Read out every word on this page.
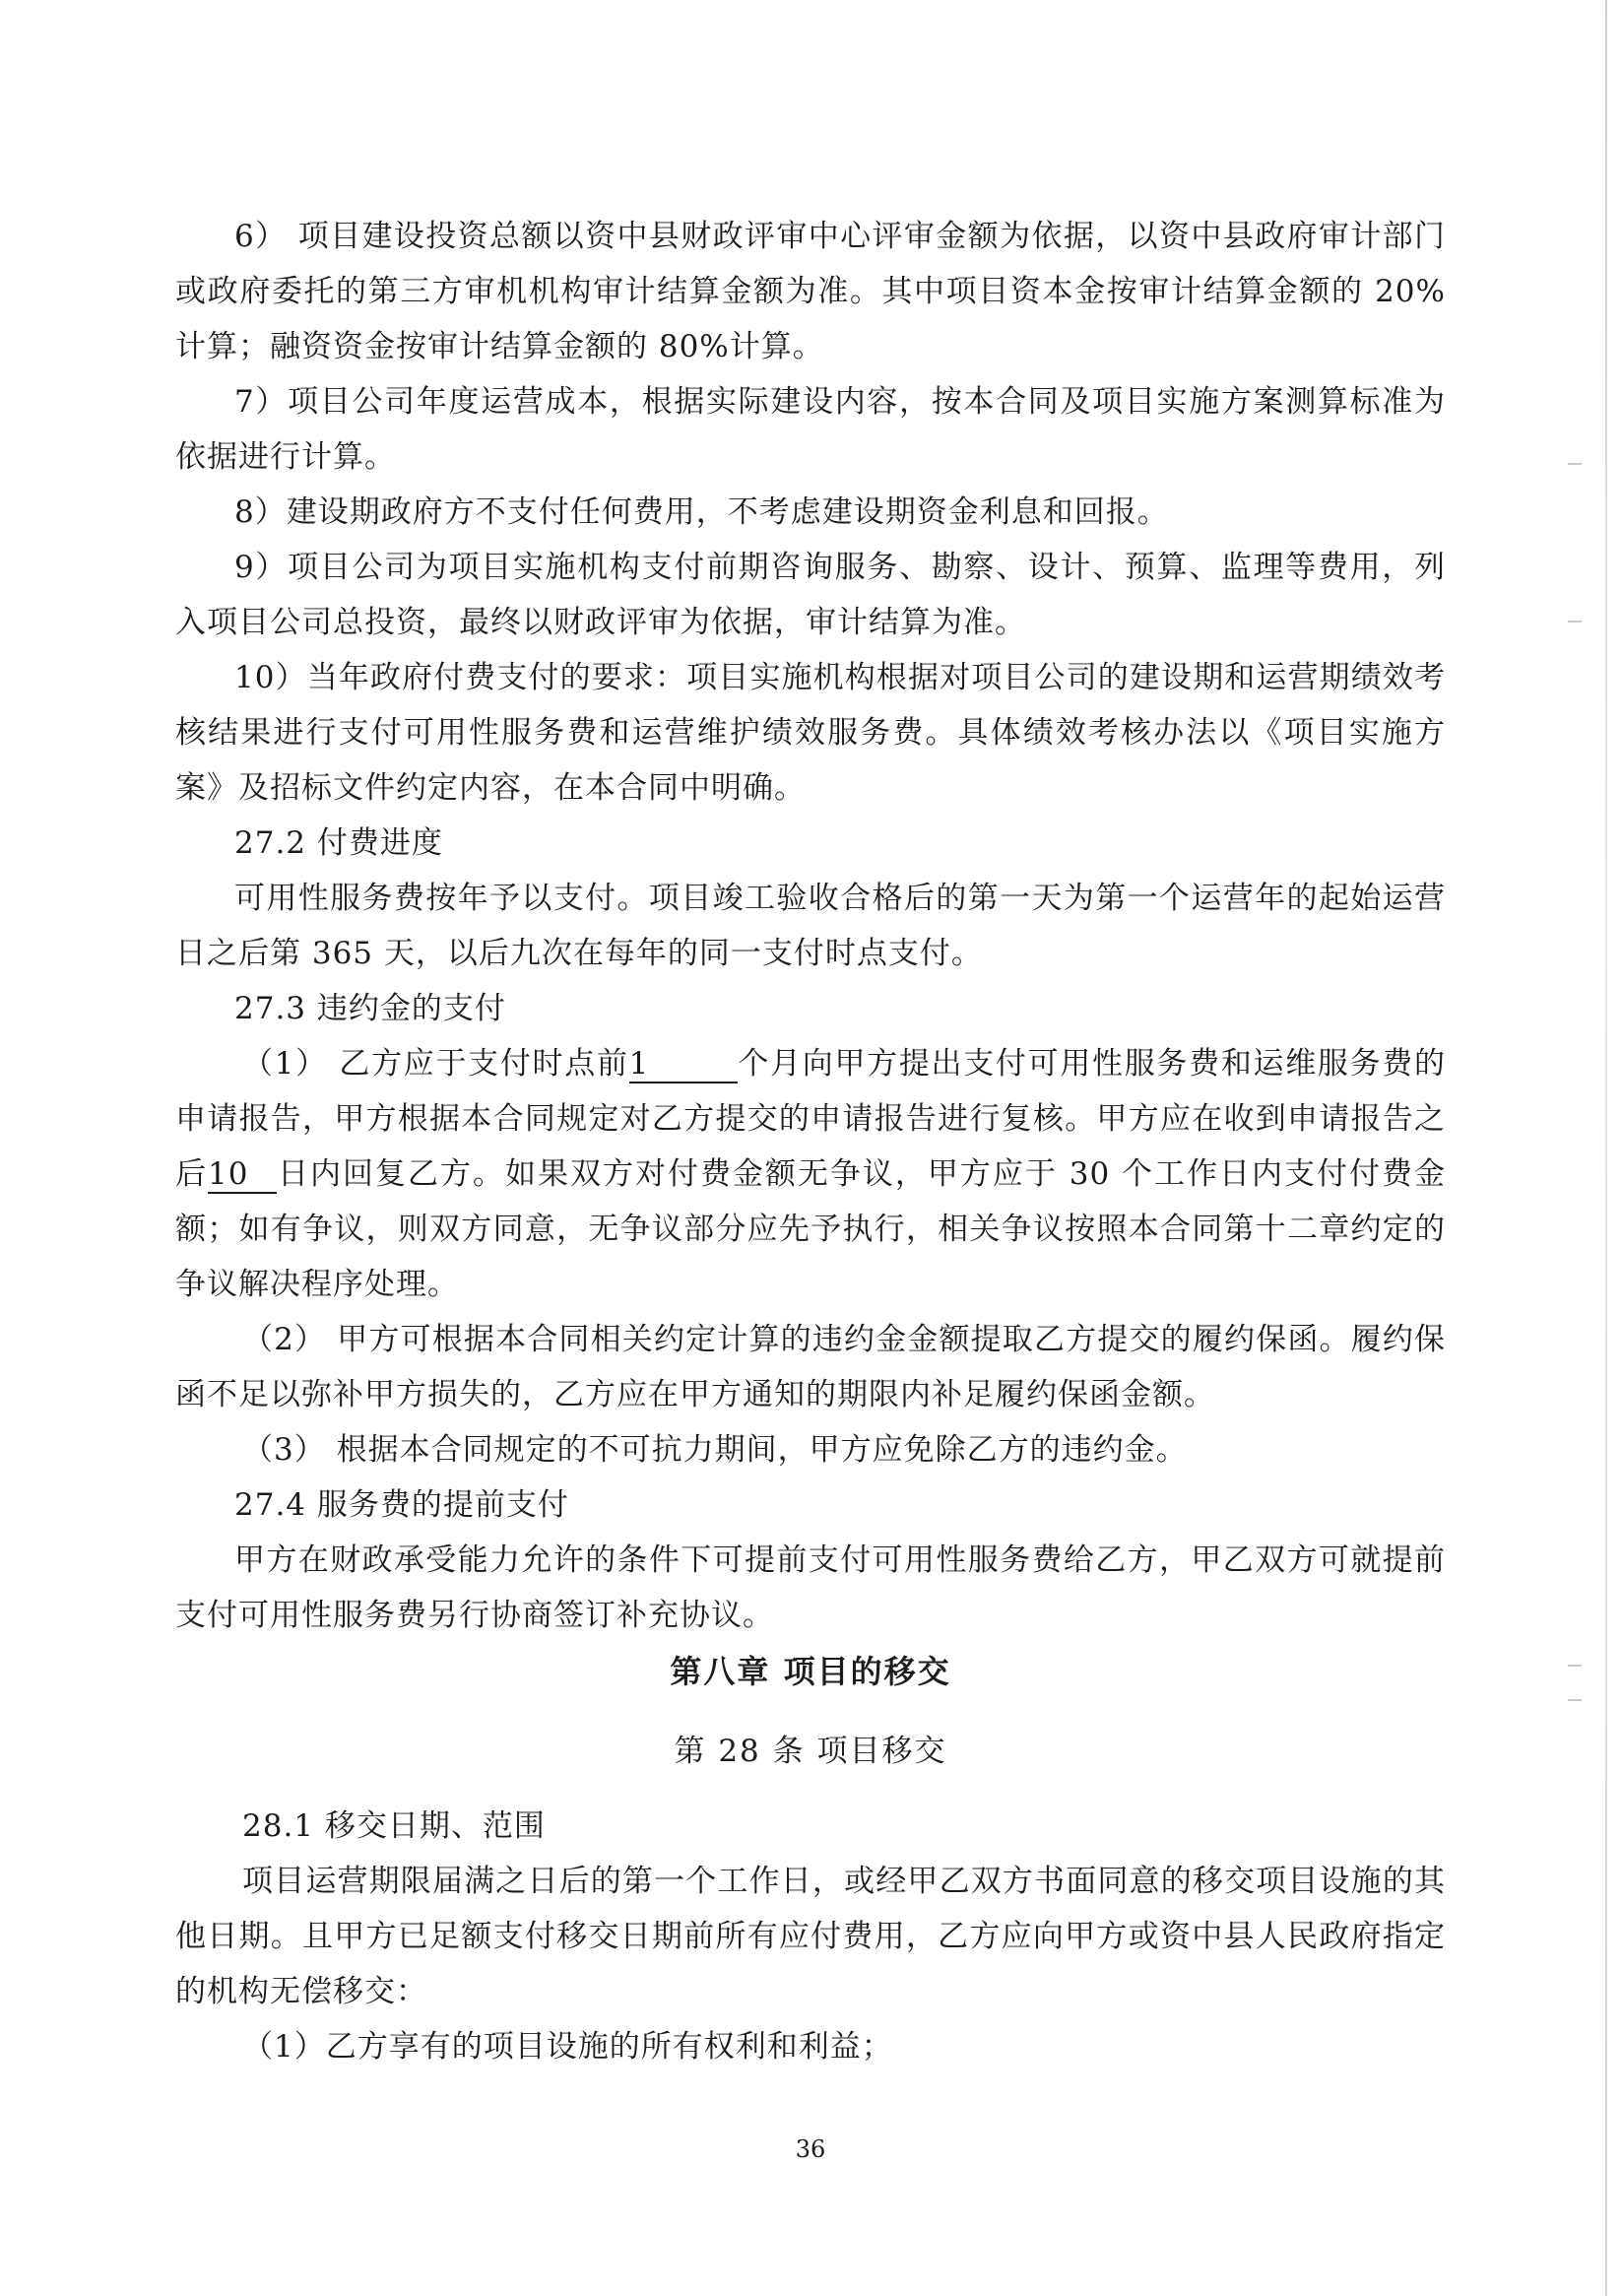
6） 项目建设投资总额以资中县财政评审中心评审金额为依据，以资中县政府审计部门或政府委托的第三方审机机构审计结算金额为准。其中项目资本金按审计结算金额的 20%计算；融资资金按审计结算金额的 80%计算。

7）项目公司年度运营成本，根据实际建设内容，按本合同及项目实施方案测算标准为依据进行计算。

8）建设期政府方不支付任何费用，不考虑建设期资金利息和回报。

9）项目公司为项目实施机构支付前期咨询服务、勘察、设计、预算、监理等费用，列入项目公司总投资，最终以财政评审为依据，审计结算为准。

10）当年政府付费支付的要求：项目实施机构根据对项目公司的建设期和运营期绩效考核结果进行支付可用性服务费和运营维护绩效服务费。具体绩效考核办法以《项目实施方案》及招标文件约定内容，在本合同中明确。

27.2 付费进度

可用性服务费按年予以支付。项目竣工验收合格后的第一天为第一个运营年的起始运营日之后第 365 天，以后九次在每年的同一支付时点支付。

27.3 违约金的支付

（1） 乙方应于支付时点前1	个月向甲方提出支付可用性服务费和运维服务费的申请报告，甲方根据本合同规定对乙方提交的申请报告进行复核。甲方应在收到申请报告之后10 日内回复乙方。如果双方对付费金额无争议，甲方应于 30 个工作日内支付付费金额；如有争议，则双方同意，无争议部分应先予执行，相关争议按照本合同第十二章约定的争议解决程序处理。

（2） 甲方可根据本合同相关约定计算的违约金金额提取乙方提交的履约保函。履约保函不足以弥补甲方损失的，乙方应在甲方通知的期限内补足履约保函金额。

（3） 根据本合同规定的不可抗力期间，甲方应免除乙方的违约金。

27.4 服务费的提前支付

甲方在财政承受能力允许的条件下可提前支付可用性服务费给乙方，甲乙双方可就提前支付可用性服务费另行协商签订补充协议。

第八章 项目的移交
第 28 条 项目移交

28.1 移交日期、范围

项目运营期限届满之日后的第一个工作日，或经甲乙双方书面同意的移交项目设施的其他日期。且甲方已足额支付移交日期前所有应付费用，乙方应向甲方或资中县人民政府指定的机构无偿移交：

（1）乙方享有的项目设施的所有权利和利益；

36
